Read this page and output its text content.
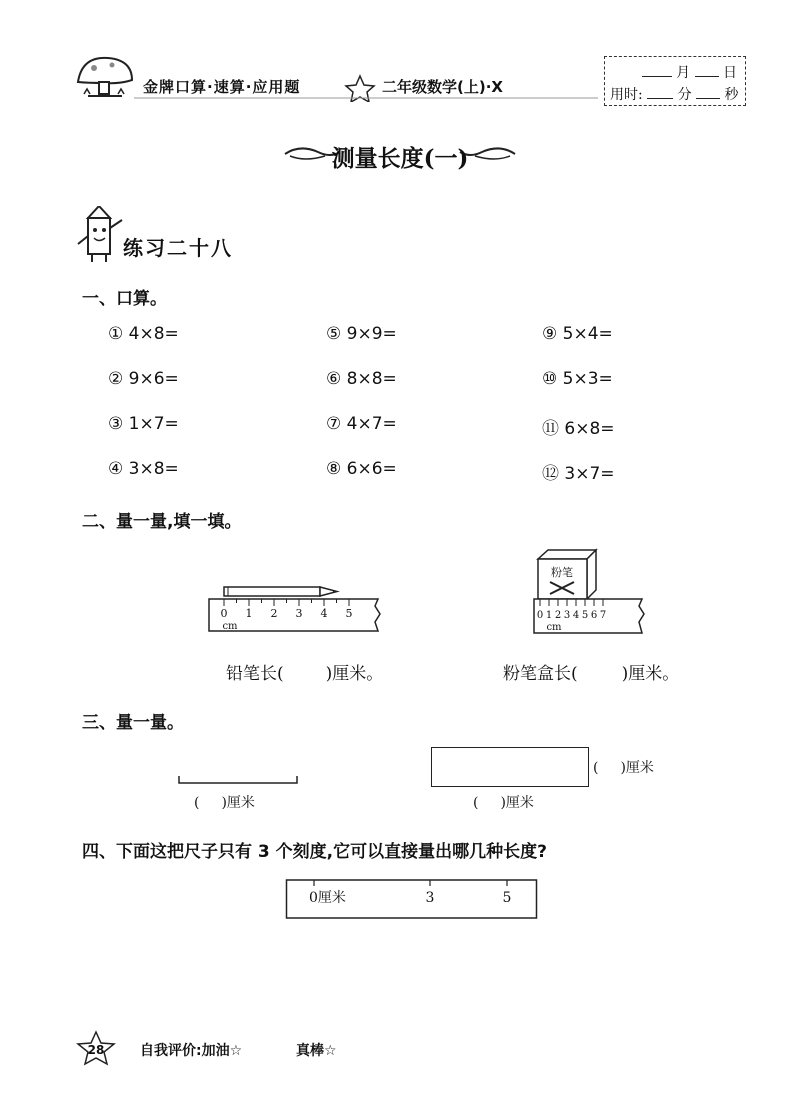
金牌口算·速算·应用题	二年级数学(上)·X
月 日
用时: 分 秒
测量长度(一)
练习二十八
一、口算。
① 4×8=
② 9×6=
③ 1×7=
④ 3×8=
⑤ 9×9=
⑥ 8×8=
⑦ 4×7=
⑧ 6×6=
⑨ 5×4=
⑩ 5×3=
⑪ 6×8=
⑫ 3×7=
二、量一量,填一填。
0 1 2 3 4 5
cm
粉笔
0 1 2 3 4 5 6 7
cm
铅笔长( )厘米。	粉笔盒长(	)厘米。
三、量一量。
( )厘米
( )厘米
( )厘米
四、下面这把尺子只有 3 个刻度,它可以直接量出哪几种长度?
0厘米	3	5
28	自我评价:加油☆	真棒☆
